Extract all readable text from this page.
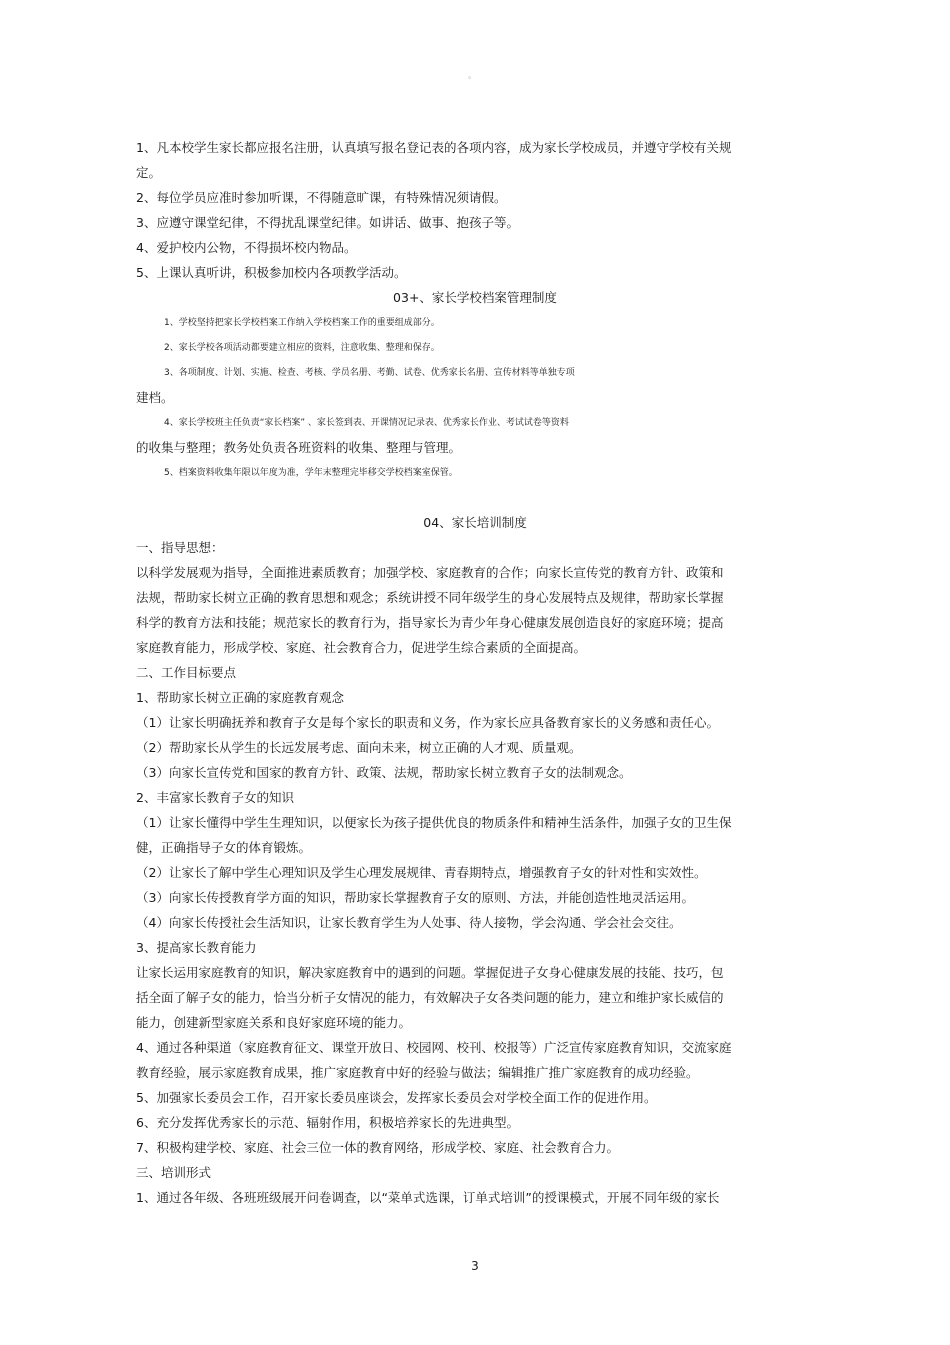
。
1、凡本校学生家长都应报名注册，认真填写报名登记表的各项内容，成为家长学校成员，并遵守学校有关规
定。
2、每位学员应准时参加听课，不得随意旷课，有特殊情况须请假。
3、应遵守课堂纪律，不得扰乱课堂纪律。如讲话、做事、抱孩子等。
4、爱护校内公物，不得损坏校内物品。
5、上课认真听讲，积极参加校内各项教学活动。
03+、家长学校档案管理制度
1、学校坚持把家长学校档案工作纳入学校档案工作的重要组成部分。
2、家长学校各项活动都要建立相应的资料，注意收集、整理和保存。
3、各项制度、计划、实施、检查、考核、学员名册、考勤、试卷、优秀家长名册、宣传材料等单独专项
建档。
4、家长学校班主任负责“家长档案” 、家长签到表、开课情况记录表、优秀家长作业、考试试卷等资料
的收集与整理；教务处负责各班资料的收集、整理与管理。
5、档案资料收集年限以年度为准，学年末整理完毕移交学校档案室保管。
04、家长培训制度
一、指导思想：
以科学发展观为指导，全面推进素质教育；加强学校、家庭教育的合作；向家长宣传党的教育方针、政策和
法规，帮助家长树立正确的教育思想和观念；系统讲授不同年级学生的身心发展特点及规律，帮助家长掌握
科学的教育方法和技能；规范家长的教育行为，指导家长为青少年身心健康发展创造良好的家庭环境；提高
家庭教育能力，形成学校、家庭、社会教育合力，促进学生综合素质的全面提高。
二、工作目标要点
1、帮助家长树立正确的家庭教育观念
（1）让家长明确抚养和教育子女是每个家长的职责和义务，作为家长应具备教育家长的义务感和责任心。
（2）帮助家长从学生的长远发展考虑、面向未来，树立正确的人才观、质量观。
（3）向家长宣传党和国家的教育方针、政策、法规，帮助家长树立教育子女的法制观念。
2、丰富家长教育子女的知识
（1）让家长懂得中学生生理知识，以便家长为孩子提供优良的物质条件和精神生活条件，加强子女的卫生保
健，正确指导子女的体育锻炼。
（2）让家长了解中学生心理知识及学生心理发展规律、青春期特点，增强教育子女的针对性和实效性。
（3）向家长传授教育学方面的知识，帮助家长掌握教育子女的原则、方法，并能创造性地灵活运用。
（4）向家长传授社会生活知识，让家长教育学生为人处事、待人接物，学会沟通、学会社会交往。
3、提高家长教育能力
让家长运用家庭教育的知识，解决家庭教育中的遇到的问题。掌握促进子女身心健康发展的技能、技巧，包
括全面了解子女的能力，恰当分析子女情况的能力，有效解决子女各类问题的能力，建立和维护家长威信的
能力，创建新型家庭关系和良好家庭环境的能力。
4、通过各种渠道（家庭教育征文、课堂开放日、校园网、校刊、校报等）广泛宣传家庭教育知识，交流家庭
教育经验，展示家庭教育成果，推广家庭教育中好的经验与做法；编辑推广推广家庭教育的成功经验。
5、加强家长委员会工作，召开家长委员座谈会，发挥家长委员会对学校全面工作的促进作用。
6、充分发挥优秀家长的示范、辐射作用，积极培养家长的先进典型。
7、积极构建学校、家庭、社会三位一体的教育网络，形成学校、家庭、社会教育合力。
三、培训形式
1、通过各年级、各班班级展开问卷调查，以“菜单式选课，订单式培训”的授课模式，开展不同年级的家长
3
